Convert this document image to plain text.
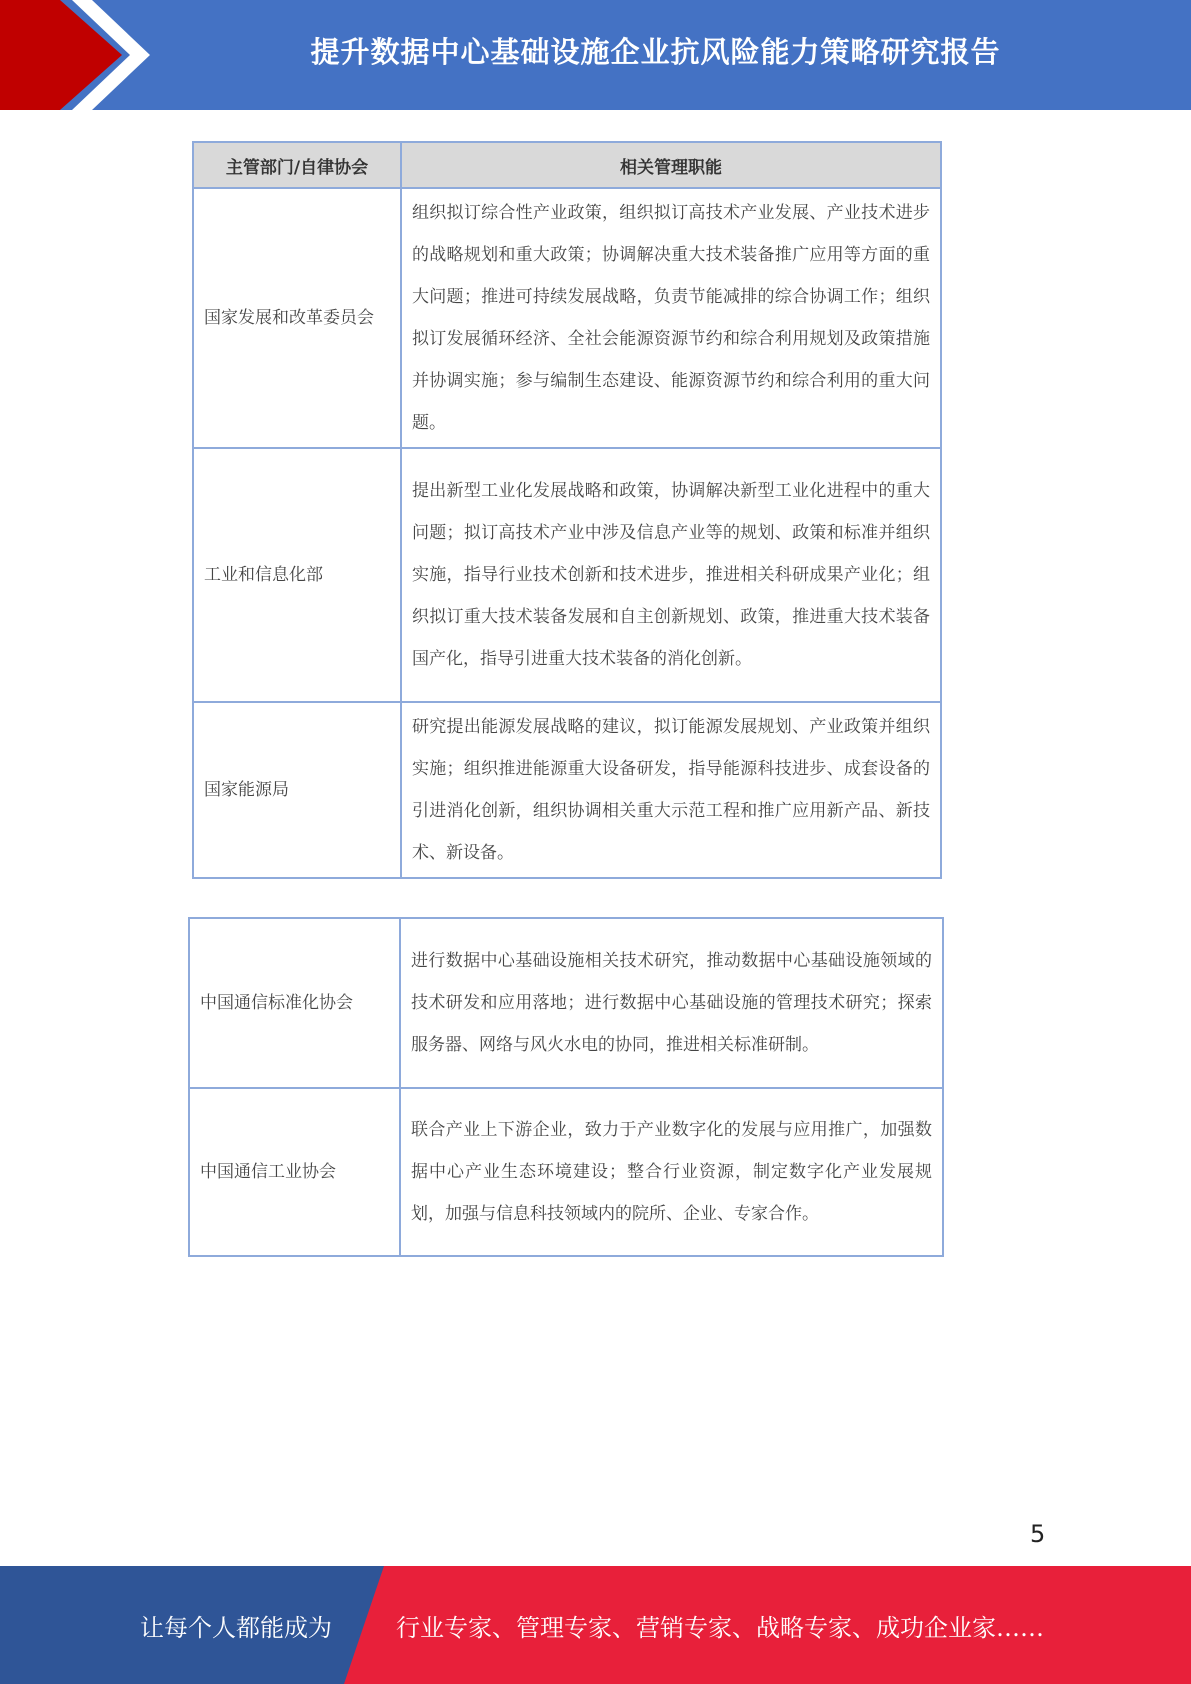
提升数据中心基础设施企业抗风险能力策略研究报告
主管部门/自律协会	相关管理职能
国家发展和改革委员会	组织拟订综合性产业政策，组织拟订高技术产业发展、产业技术进步的战略规划和重大政策；协调解决重大技术装备推广应用等方面的重大问题；推进可持续发展战略，负责节能减排的综合协调工作；组织拟订发展循环经济、全社会能源资源节约和综合利用规划及政策措施并协调实施；参与编制生态建设、能源资源节约和综合利用的重大问题。
工业和信息化部	提出新型工业化发展战略和政策，协调解决新型工业化进程中的重大问题；拟订高技术产业中涉及信息产业等的规划、政策和标准并组织实施，指导行业技术创新和技术进步，推进相关科研成果产业化；组织拟订重大技术装备发展和自主创新规划、政策，推进重大技术装备国产化，指导引进重大技术装备的消化创新。
国家能源局	研究提出能源发展战略的建议，拟订能源发展规划、产业政策并组织实施；组织推进能源重大设备研发，指导能源科技进步、成套设备的引进消化创新，组织协调相关重大示范工程和推广应用新产品、新技术、新设备。
中国通信标准化协会	进行数据中心基础设施相关技术研究，推动数据中心基础设施领域的技术研发和应用落地；进行数据中心基础设施的管理技术研究；探索服务器、网络与风火水电的协同，推进相关标准研制。
中国通信工业协会	联合产业上下游企业，致力于产业数字化的发展与应用推广，加强数据中心产业生态环境建设；整合行业资源，制定数字化产业发展规划，加强与信息科技领域内的院所、企业、专家合作。
5
让每个人都能成为	行业专家、管理专家、营销专家、战略专家、成功企业家……
